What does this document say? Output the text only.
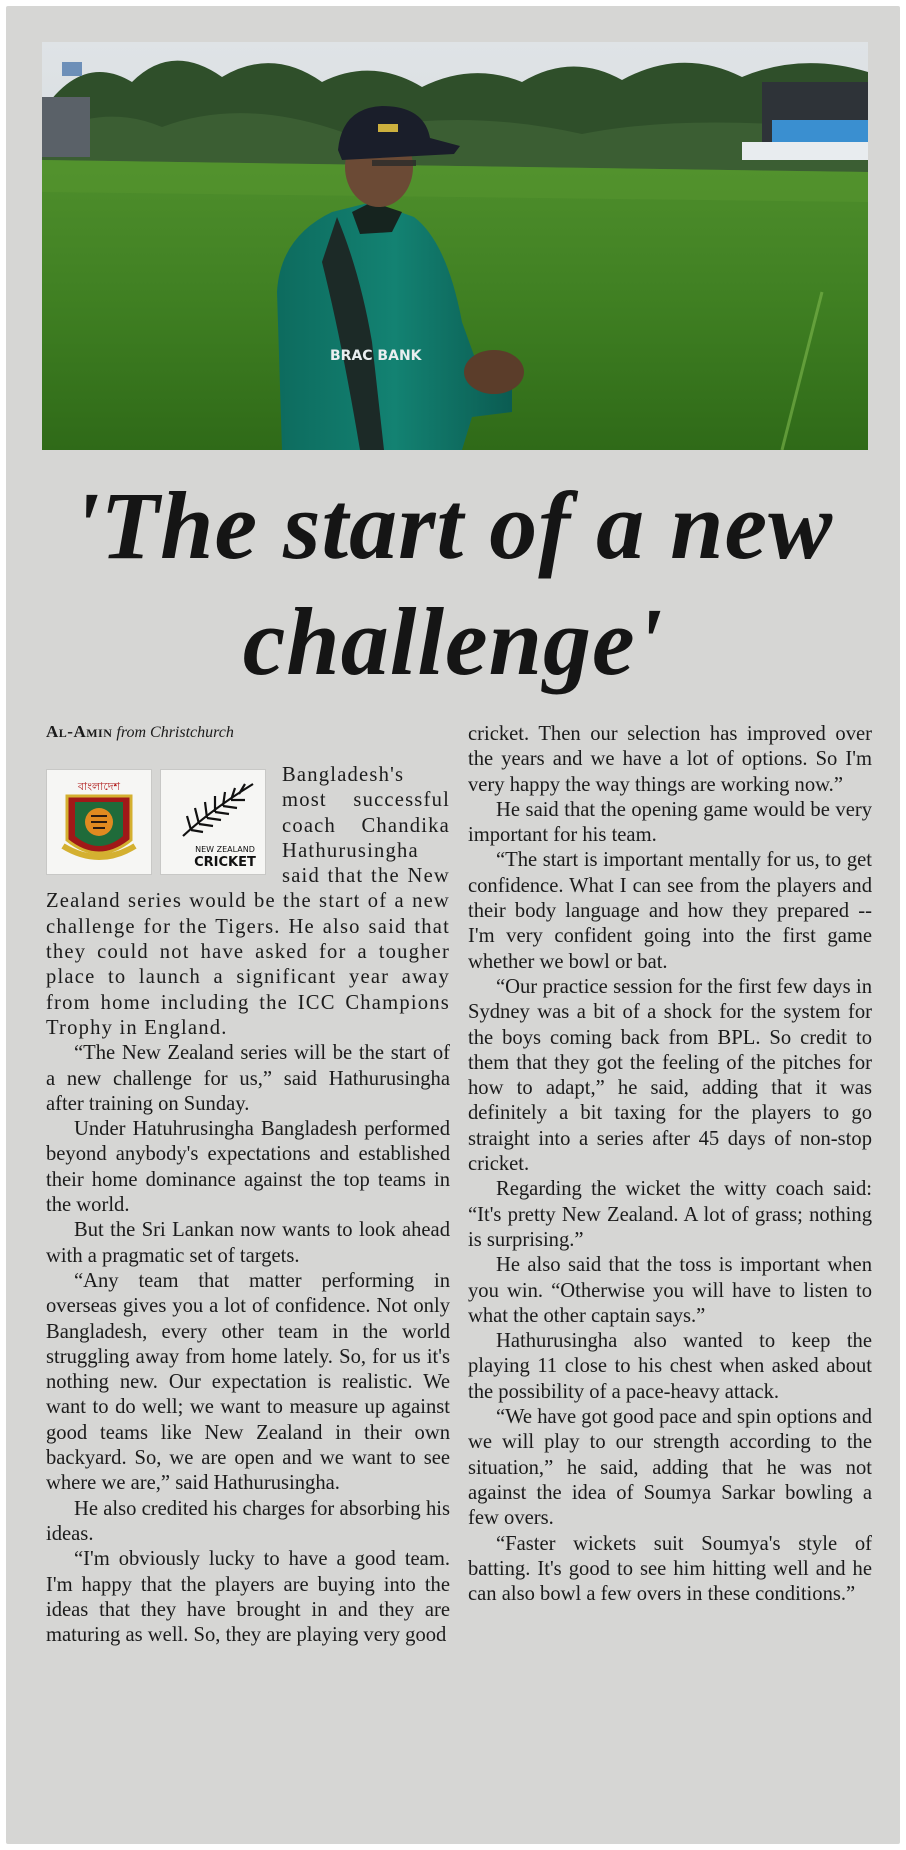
BRAC BANK
'The start of a new challenge'
Al-Amin from Christchurch
বাংলাদেশ
NEW ZEALAND
CRICKET

Bangladesh's most successful coach Chandika Hathurusingha said that the New Zealand series would be the start of a new challenge for the Tigers. He also said that they could not have asked for a tougher place to launch a significant year away from home including the ICC Champions Trophy in England.

“The New Zealand series will be the start of a new challenge for us,” said Hathurusingha after training on Sunday.

Under Hatuhrusingha Bangladesh performed beyond anybody's expectations and established their home dominance against the top teams in the world.

But the Sri Lankan now wants to look ahead with a pragmatic set of targets.

“Any team that matter performing in overseas gives you a lot of confidence. Not only Bangladesh, every other team in the world struggling away from home lately. So, for us it's nothing new. Our expectation is realistic. We want to do well; we want to measure up against good teams like New Zealand in their own backyard. So, we are open and we want to see where we are,” said Hathurusingha.

He also credited his charges for absorbing his ideas.

“I'm obviously lucky to have a good team. I'm happy that the players are buying into the ideas that they have brought in and they are maturing as well. So, they are playing very good

cricket. Then our selection has improved over the years and we have a lot of options. So I'm very happy the way things are working now.”

He said that the opening game would be very important for his team.

“The start is important mentally for us, to get confidence. What I can see from the players and their body language and how they prepared -- I'm very confident going into the first game whether we bowl or bat.

“Our practice session for the first few days in Sydney was a bit of a shock for the system for the boys coming back from BPL. So credit to them that they got the feeling of the pitches for how to adapt,” he said, adding that it was definitely a bit taxing for the players to go straight into a series after 45 days of non-stop cricket.

Regarding the wicket the witty coach said: “It's pretty New Zealand. A lot of grass; nothing is surprising.”

He also said that the toss is important when you win. “Otherwise you will have to listen to what the other captain says.”

Hathurusingha also wanted to keep the playing 11 close to his chest when asked about the possibility of a pace-heavy attack.

“We have got good pace and spin options and we will play to our strength according to the situation,” he said, adding that he was not against the idea of Soumya Sarkar bowling a few overs.

“Faster wickets suit Soumya's style of batting. It's good to see him hitting well and he can also bowl a few overs in these conditions.”
